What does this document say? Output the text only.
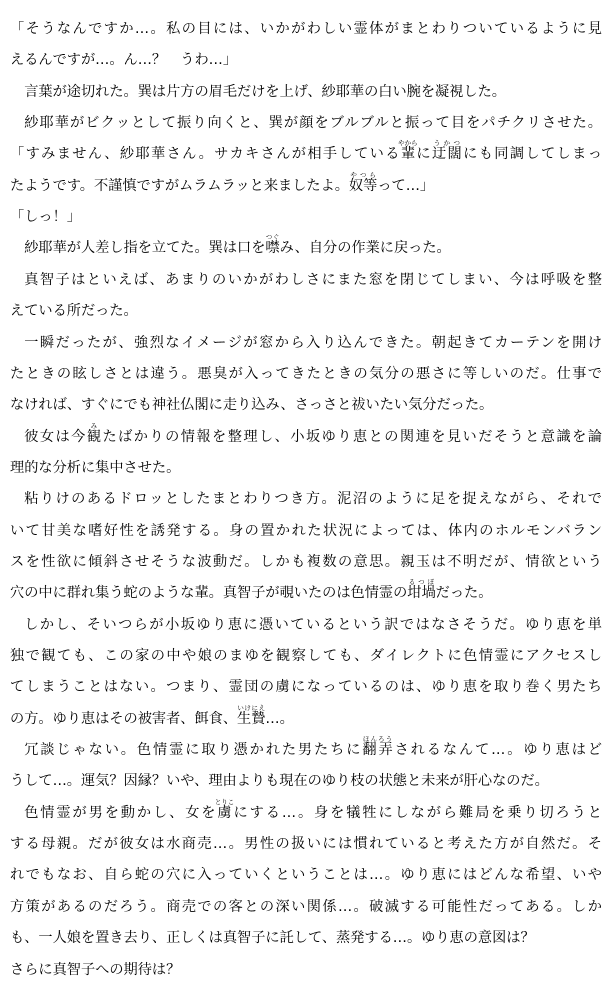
「そうなんですか…。私の目には、いかがわしい霊体がまとわりついているように見
えるんですが…。ん…？　うわ…」
言葉が途切れた。巽は片方の眉毛だけを上げ、紗耶華の白い腕を凝視した。
紗耶華がビクッとして振り向くと、巽が顔をブルブルと振って目をパチクリさせた。
「すみません、紗耶華さん。サカキさんが相手している輩やからに迂闊うかつにも同調してしまっ
たようです。不謹慎ですがムラムラッと来ましたよ。奴等やつらって…」
「しっ！」
紗耶華が人差し指を立てた。巽は口を噤つぐみ、自分の作業に戻った。
真智子はといえば、あまりのいかがわしさにまた窓を閉じてしまい、今は呼吸を整
えている所だった。
一瞬だったが、強烈なイメージが窓から入り込んできた。朝起きてカーテンを開け
たときの眩しさとは違う。悪臭が入ってきたときの気分の悪さに等しいのだ。仕事で
なければ、すぐにでも神社仏閣に走り込み、さっさと祓いたい気分だった。
彼女は今観みたばかりの情報を整理し、小坂ゆり恵との関連を見いだそうと意識を論
理的な分析に集中させた。
粘りけのあるドロッとしたまとわりつき方。泥沼のように足を捉えながら、それで
いて甘美な嗜好性を誘発する。身の置かれた状況によっては、体内のホルモンバラン
スを性欲に傾斜させそうな波動だ。しかも複数の意思。親玉は不明だが、情欲という
穴の中に群れ集う蛇のような輩。真智子が覗いたのは色情霊の坩堝るつぼだった。
しかし、そいつらが小坂ゆり恵に憑いているという訳ではなさそうだ。ゆり恵を単
独で観ても、この家の中や娘のまゆを観察しても、ダイレクトに色情霊にアクセスし
てしまうことはない。つまり、霊団の虜になっているのは、ゆり恵を取り巻く男たち
の方。ゆり恵はその被害者、餌食、生贄いけにえ…。
冗談じゃない。色情霊に取り憑かれた男たちに翻弄ほんろうされるなんて…。ゆり恵はど
うして…。運気？因縁？いや、理由よりも現在のゆり枝の状態と未来が肝心なのだ。
色情霊が男を動かし、女を虜とりこにする…。身を犠牲にしながら難局を乗り切ろうと
する母親。だが彼女は水商売…。男性の扱いには慣れていると考えた方が自然だ。そ
れでもなお、自ら蛇の穴に入っていくということは…。ゆり恵にはどんな希望、いや
方策があるのだろう。商売での客との深い関係…。破滅する可能性だってある。しか
も、一人娘を置き去り、正しくは真智子に託して、蒸発する…。ゆり恵の意図は？
さらに真智子への期待は？
